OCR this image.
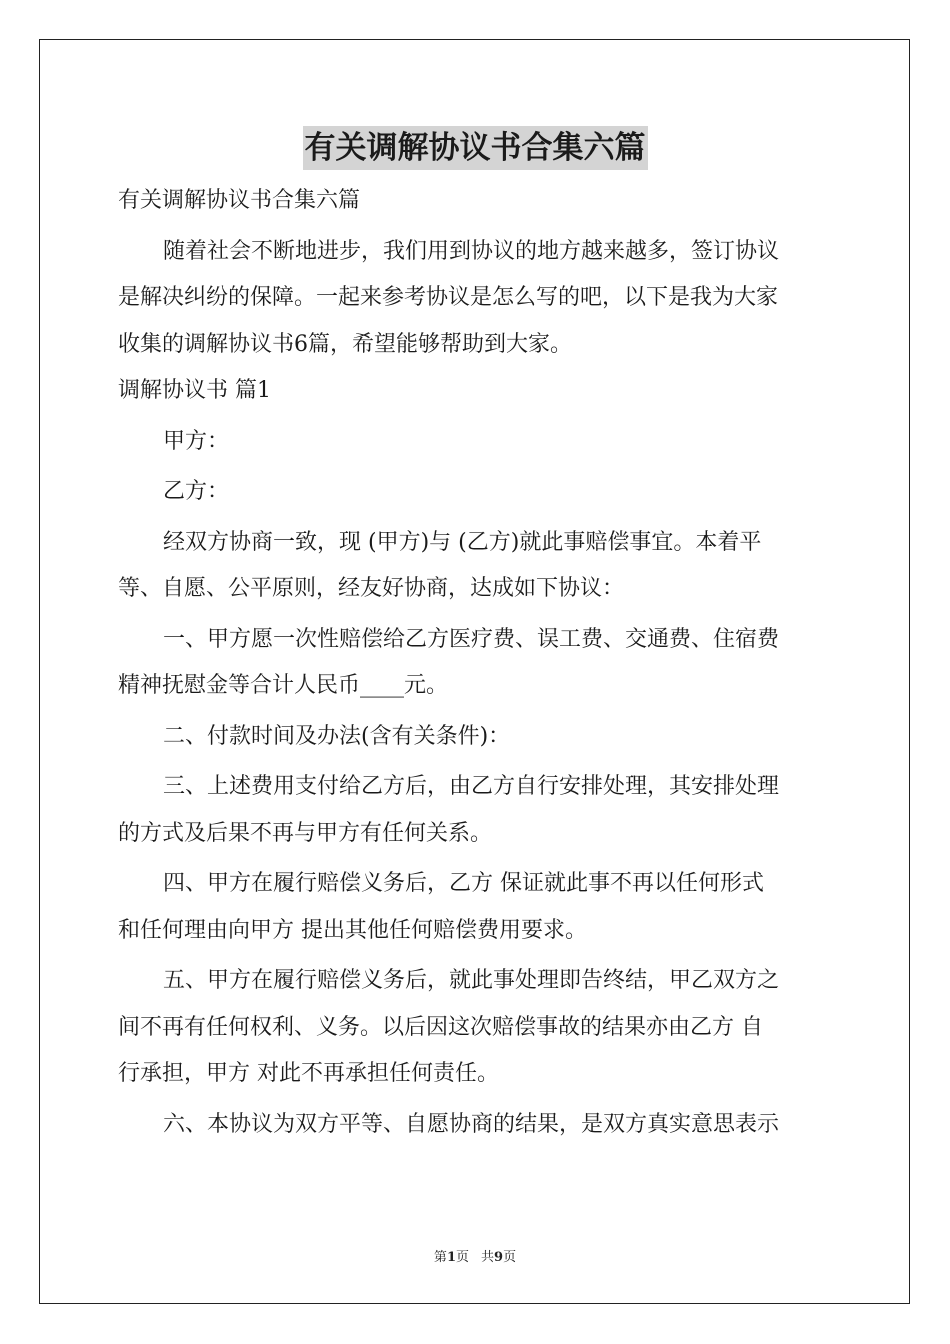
有关调解协议书合集六篇
有关调解协议书合集六篇
随着社会不断地进步，我们用到协议的地方越来越多，签订协议
是解决纠纷的保障。一起来参考协议是怎么写的吧，以下是我为大家
收集的调解协议书6篇，希望能够帮助到大家。
调解协议书 篇1
甲方：
乙方：
经双方协商一致，现 (甲方)与 (乙方)就此事赔偿事宜。本着平
等、自愿、公平原则，经友好协商，达成如下协议：
一、甲方愿一次性赔偿给乙方医疗费、误工费、交通费、住宿费
精神抚慰金等合计人民币____元。
二、付款时间及办法(含有关条件)：
三、上述费用支付给乙方后，由乙方自行安排处理，其安排处理
的方式及后果不再与甲方有任何关系。
四、甲方在履行赔偿义务后，乙方 保证就此事不再以任何形式
和任何理由向甲方 提出其他任何赔偿费用要求。
五、甲方在履行赔偿义务后，就此事处理即告终结，甲乙双方之
间不再有任何权利、义务。以后因这次赔偿事故的结果亦由乙方 自
行承担，甲方 对此不再承担任何责任。
六、本协议为双方平等、自愿协商的结果，是双方真实意思表示
第1页 共9页
